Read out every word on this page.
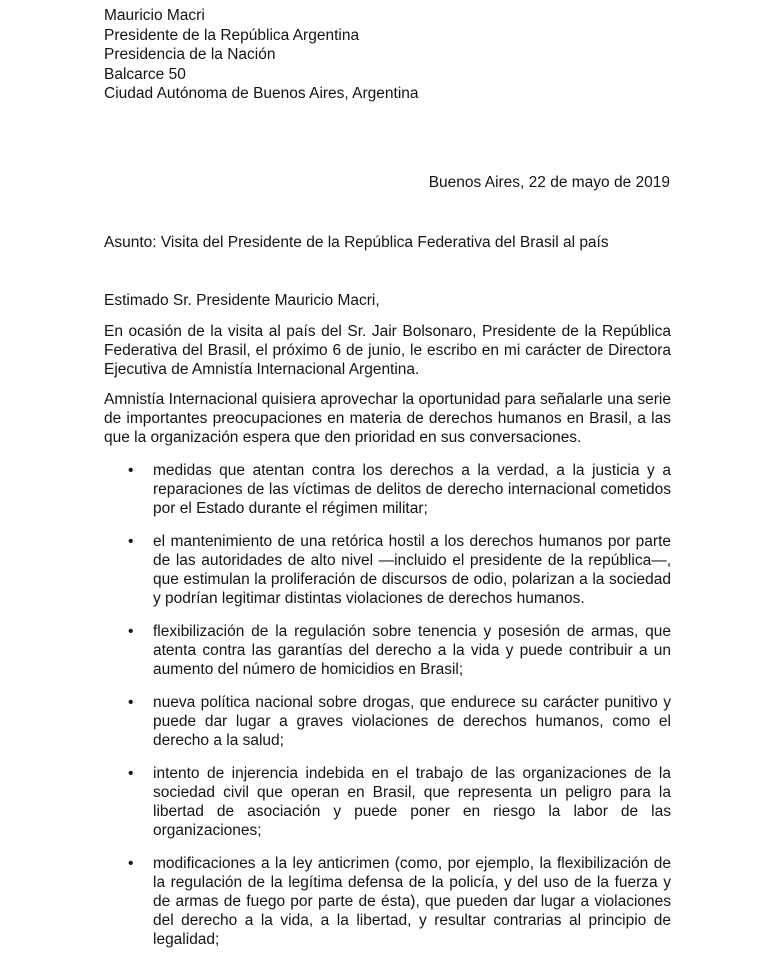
Mauricio Macri
Presidente de la República Argentina
Presidencia de la Nación
Balcarce 50
Ciudad Autónoma de Buenos Aires, Argentina
Buenos Aires, 22 de mayo de 2019
Asunto: Visita del Presidente de la República Federativa del Brasil al país
Estimado Sr. Presidente Mauricio Macri,
En ocasión de la visita al país del Sr. Jair Bolsonaro, Presidente de la República Federativa del Brasil, el próximo 6 de junio, le escribo en mi carácter de Directora Ejecutiva de Amnistía Internacional Argentina.
Amnistía Internacional quisiera aprovechar la oportunidad para señalarle una serie de importantes preocupaciones en materia de derechos humanos en Brasil, a las que la organización espera que den prioridad en sus conversaciones.
• medidas que atentan contra los derechos a la verdad, a la justicia y a reparaciones de las víctimas de delitos de derecho internacional cometidos por el Estado durante el régimen militar;
• el mantenimiento de una retórica hostil a los derechos humanos por parte de las autoridades de alto nivel —incluido el presidente de la república—, que estimulan la proliferación de discursos de odio, polarizan a la sociedad y podrían legitimar distintas violaciones de derechos humanos.
• flexibilización de la regulación sobre tenencia y posesión de armas, que atenta contra las garantías del derecho a la vida y puede contribuir a un aumento del número de homicidios en Brasil;
• nueva política nacional sobre drogas, que endurece su carácter punitivo y puede dar lugar a graves violaciones de derechos humanos, como el derecho a la salud;
• intento de injerencia indebida en el trabajo de las organizaciones de la sociedad civil que operan en Brasil, que representa un peligro para la libertad de asociación y puede poner en riesgo la labor de las organizaciones;
• modificaciones a la ley anticrimen (como, por ejemplo, la flexibilización de la regulación de la legítima defensa de la policía, y del uso de la fuerza y de armas de fuego por parte de ésta), que pueden dar lugar a violaciones del derecho a la vida, a la libertad, y resultar contrarias al principio de legalidad;
